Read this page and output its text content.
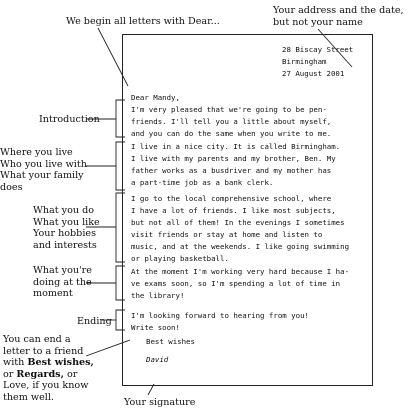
We begin all letters with Dear...
Your address and the date,
but not your name
Introduction
Where you live
Who you live with
What your family
does
What you do
What you like
Your hobbies
and interests
What you're
doing at the
moment
Ending
You can end a
letter to a friend
with Best wishes,
or Regards, or
Love, if you know
them well.	Your signature
28 Biscay Street
Birmingham
27 August 2001
Dear Mandy,
I'm very pleased that we're going to be pen-
friends. I'll tell you a little about myself,
and you can do the same when you write to me.
I live in a nice city. It is called Birmingham.
I live with my parents and my brother, Ben. My
father works as a busdriver and my mother has
a part-time job as a bank clerk.
I go to the local comprehensive school, where
I have a lot of friends. I like most subjects,
but not all of them! In the evenings I sometimes
visit friends or stay at home and listen to
music, and at the weekends. I like going swimming
or playing basketball.
At the moment I'm working very hard because I ha-
ve exams soon, so I'm spending a lot of time in
the library!
I'm looking forward to hearing from you!
Write soon!
Best wishes
David
